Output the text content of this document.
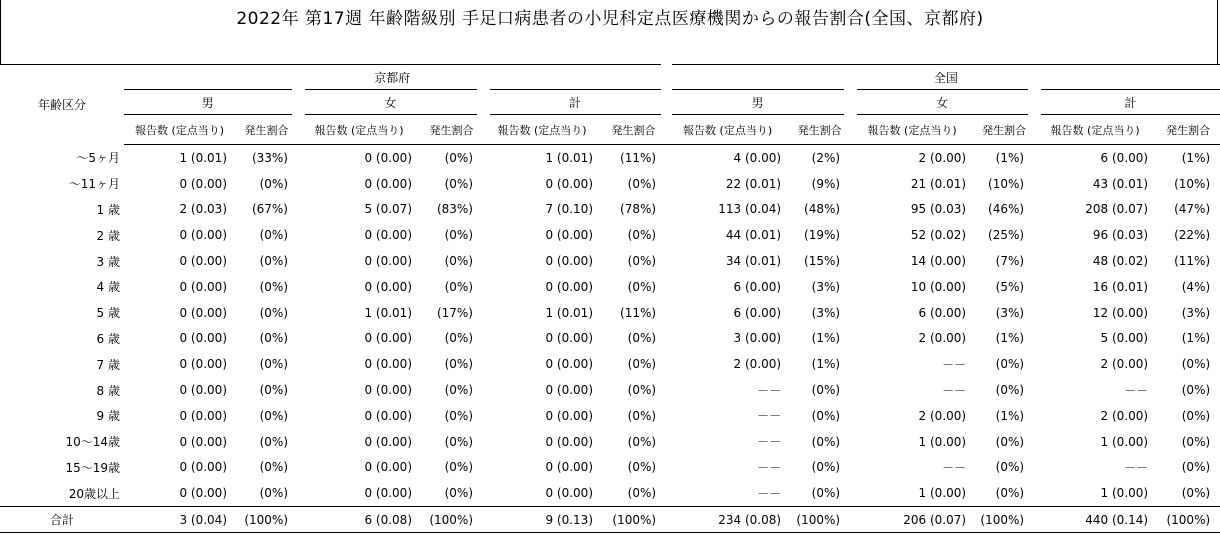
2022年 第17週 年齢階級別 手足口病患者の小児科定点医療機関からの報告割合(全国、京都府)
	京都府						全国					
年齢区分	男		女		計		男		女		計	
	報告数 (定点当り)	発生割合	報告数 (定点当り)	発生割合	報告数 (定点当り)	発生割合	報告数 (定点当り)	発生割合	報告数 (定点当り)	発生割合	報告数 (定点当り)	発生割合
～5ヶ月	1 (0.01)	(33%)	0 (0.00)	(0%)	1 (0.01)	(11%)	4 (0.00)	(2%)	2 (0.00)	(1%)	6 (0.00)	(1%)
～11ヶ月	0 (0.00)	(0%)	0 (0.00)	(0%)	0 (0.00)	(0%)	22 (0.01)	(9%)	21 (0.01)	(10%)	43 (0.01)	(10%)
1 歳	2 (0.03)	(67%)	5 (0.07)	(83%)	7 (0.10)	(78%)	113 (0.04)	(48%)	95 (0.03)	(46%)	208 (0.07)	(47%)
2 歳	0 (0.00)	(0%)	0 (0.00)	(0%)	0 (0.00)	(0%)	44 (0.01)	(19%)	52 (0.02)	(25%)	96 (0.03)	(22%)
3 歳	0 (0.00)	(0%)	0 (0.00)	(0%)	0 (0.00)	(0%)	34 (0.01)	(15%)	14 (0.00)	(7%)	48 (0.02)	(11%)
4 歳	0 (0.00)	(0%)	0 (0.00)	(0%)	0 (0.00)	(0%)	6 (0.00)	(3%)	10 (0.00)	(5%)	16 (0.01)	(4%)
5 歳	0 (0.00)	(0%)	1 (0.01)	(17%)	1 (0.01)	(11%)	6 (0.00)	(3%)	6 (0.00)	(3%)	12 (0.00)	(3%)
6 歳	0 (0.00)	(0%)	0 (0.00)	(0%)	0 (0.00)	(0%)	3 (0.00)	(1%)	2 (0.00)	(1%)	5 (0.00)	(1%)
7 歳	0 (0.00)	(0%)	0 (0.00)	(0%)	0 (0.00)	(0%)	2 (0.00)	(1%)	－－	(0%)	2 (0.00)	(0%)
8 歳	0 (0.00)	(0%)	0 (0.00)	(0%)	0 (0.00)	(0%)	－－	(0%)	－－	(0%)	－－	(0%)
9 歳	0 (0.00)	(0%)	0 (0.00)	(0%)	0 (0.00)	(0%)	－－	(0%)	2 (0.00)	(1%)	2 (0.00)	(0%)
10～14歳	0 (0.00)	(0%)	0 (0.00)	(0%)	0 (0.00)	(0%)	－－	(0%)	1 (0.00)	(0%)	1 (0.00)	(0%)
15～19歳	0 (0.00)	(0%)	0 (0.00)	(0%)	0 (0.00)	(0%)	－－	(0%)	－－	(0%)	－－	(0%)
20歳以上	0 (0.00)	(0%)	0 (0.00)	(0%)	0 (0.00)	(0%)	－－	(0%)	1 (0.00)	(0%)	1 (0.00)	(0%)
合計	3 (0.04)	(100%)	6 (0.08)	(100%)	9 (0.13)	(100%)	234 (0.08)	(100%)	206 (0.07)	(100%)	440 (0.14)	(100%)
